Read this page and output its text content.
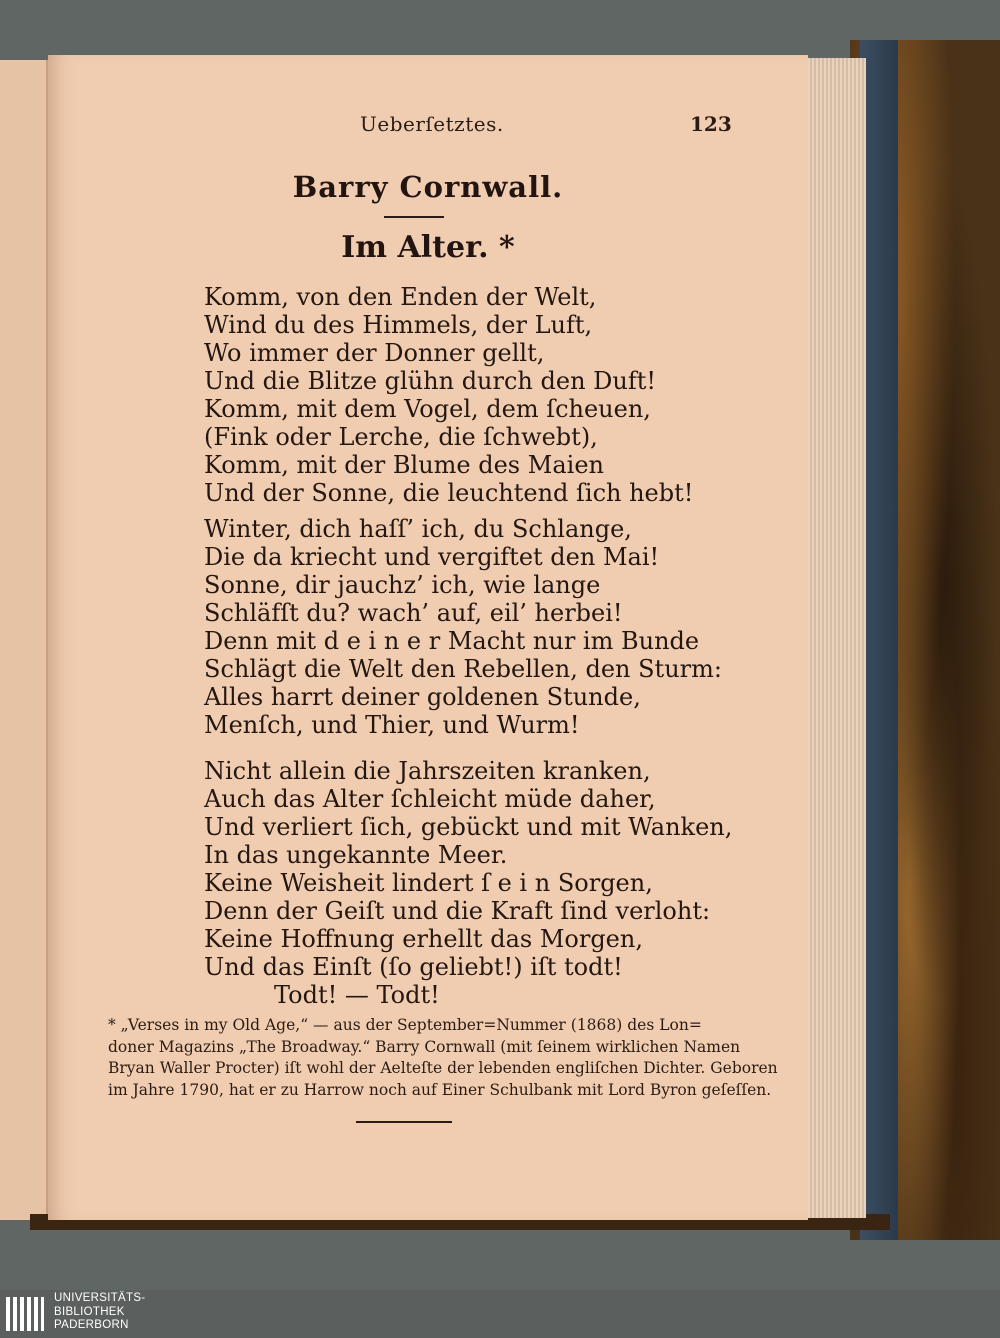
Ueberſetztes.	123
Barry Cornwall.
Im Alter. *
Komm, von den Enden der Welt,
Wind du des Himmels, der Luft,
Wo immer der Donner gellt,
Und die Blitze glühn durch den Duft!
Komm, mit dem Vogel, dem ſcheuen,
(Fink oder Lerche, die ſchwebt),
Komm, mit der Blume des Maien
Und der Sonne, die leuchtend ſich hebt!
Winter, dich haſſ’ ich, du Schlange,
Die da kriecht und vergiftet den Mai!
Sonne, dir jauchz’ ich, wie lange
Schläfſt du? wach’ auf, eil’ herbei!
Denn mit d e i n e r Macht nur im Bunde
Schlägt die Welt den Rebellen, den Sturm:
Alles harrt deiner goldenen Stunde,
Menſch, und Thier, und Wurm!
Nicht allein die Jahrszeiten kranken,
Auch das Alter ſchleicht müde daher,
Und verliert ſich, gebückt und mit Wanken,
In das ungekannte Meer.
Keine Weisheit lindert ſ e i n Sorgen,
Denn der Geiſt und die Kraft ſind verloht:
Keine Hoffnung erhellt das Morgen,
Und das Einſt (ſo geliebt!) iſt todt!
Todt! — Todt!
* „Verses in my Old Age,“ — aus der September=Nummer (1868) des Lon=
doner Magazins „The Broadway.“ Barry Cornwall (mit ſeinem wirklichen Namen
Bryan Waller Procter) iſt wohl der Aelteſte der lebenden engliſchen Dichter. Geboren
im Jahre 1790, hat er zu Harrow noch auf Einer Schulbank mit Lord Byron geſeſſen.
UNIVERSITÄTS-
BIBLIOTHEK
PADERBORN
